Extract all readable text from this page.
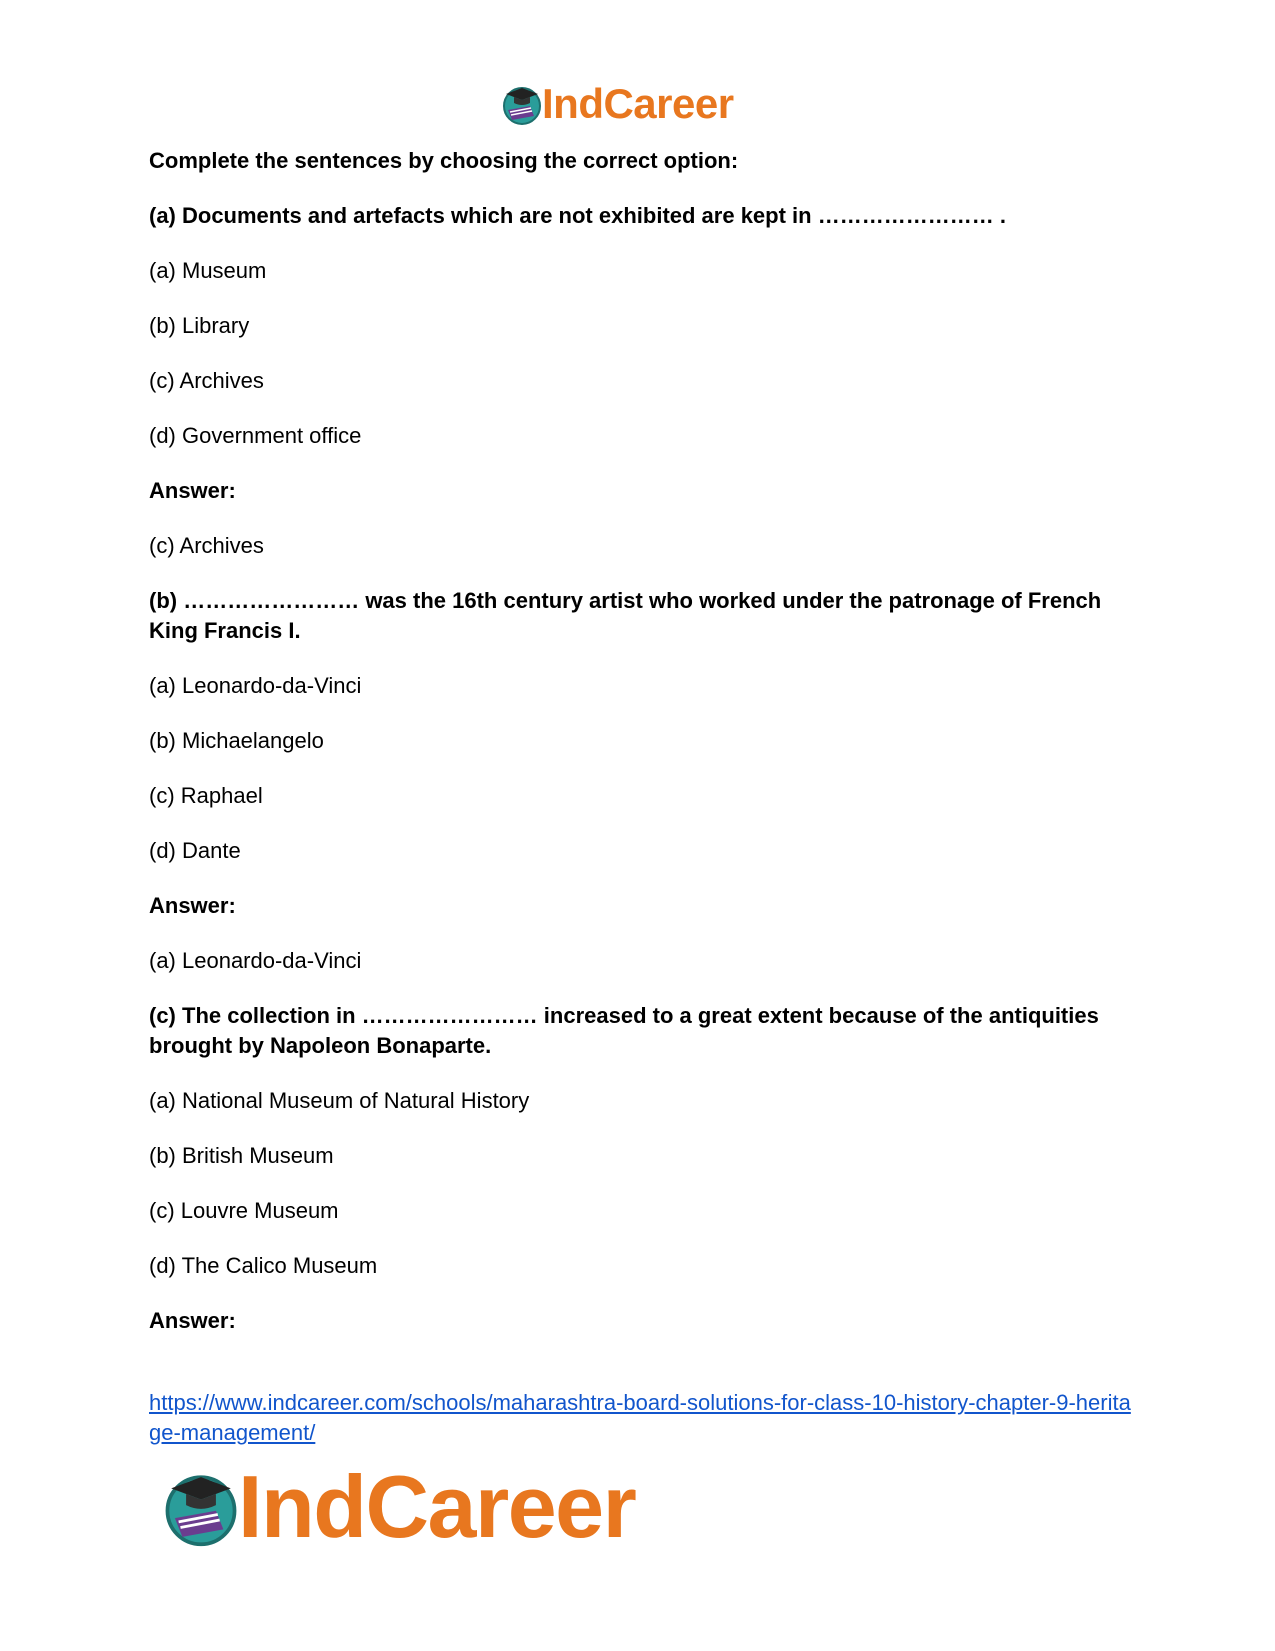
IndCareer

Complete the sentences by choosing the correct option:

(a) Documents and artefacts which are not exhibited are kept in …………………… .

(a) Museum

(b) Library

(c) Archives

(d) Government office

Answer:

(c) Archives

(b) …………………… was the 16th century artist who worked under the patronage of French King Francis I.

(a) Leonardo-da-Vinci

(b) Michaelangelo

(c) Raphael

(d) Dante

Answer:

(a) Leonardo-da-Vinci

(c) The collection in …………………… increased to a great extent because of the antiquities brought by Napoleon Bonaparte.

(a) National Museum of Natural History

(b) British Museum

(c) Louvre Museum

(d) The Calico Museum

Answer:

https://www.indcareer.com/schools/maharashtra-board-solutions-for-class-10-history-chapter-9-heritage-management/
IndCareer
